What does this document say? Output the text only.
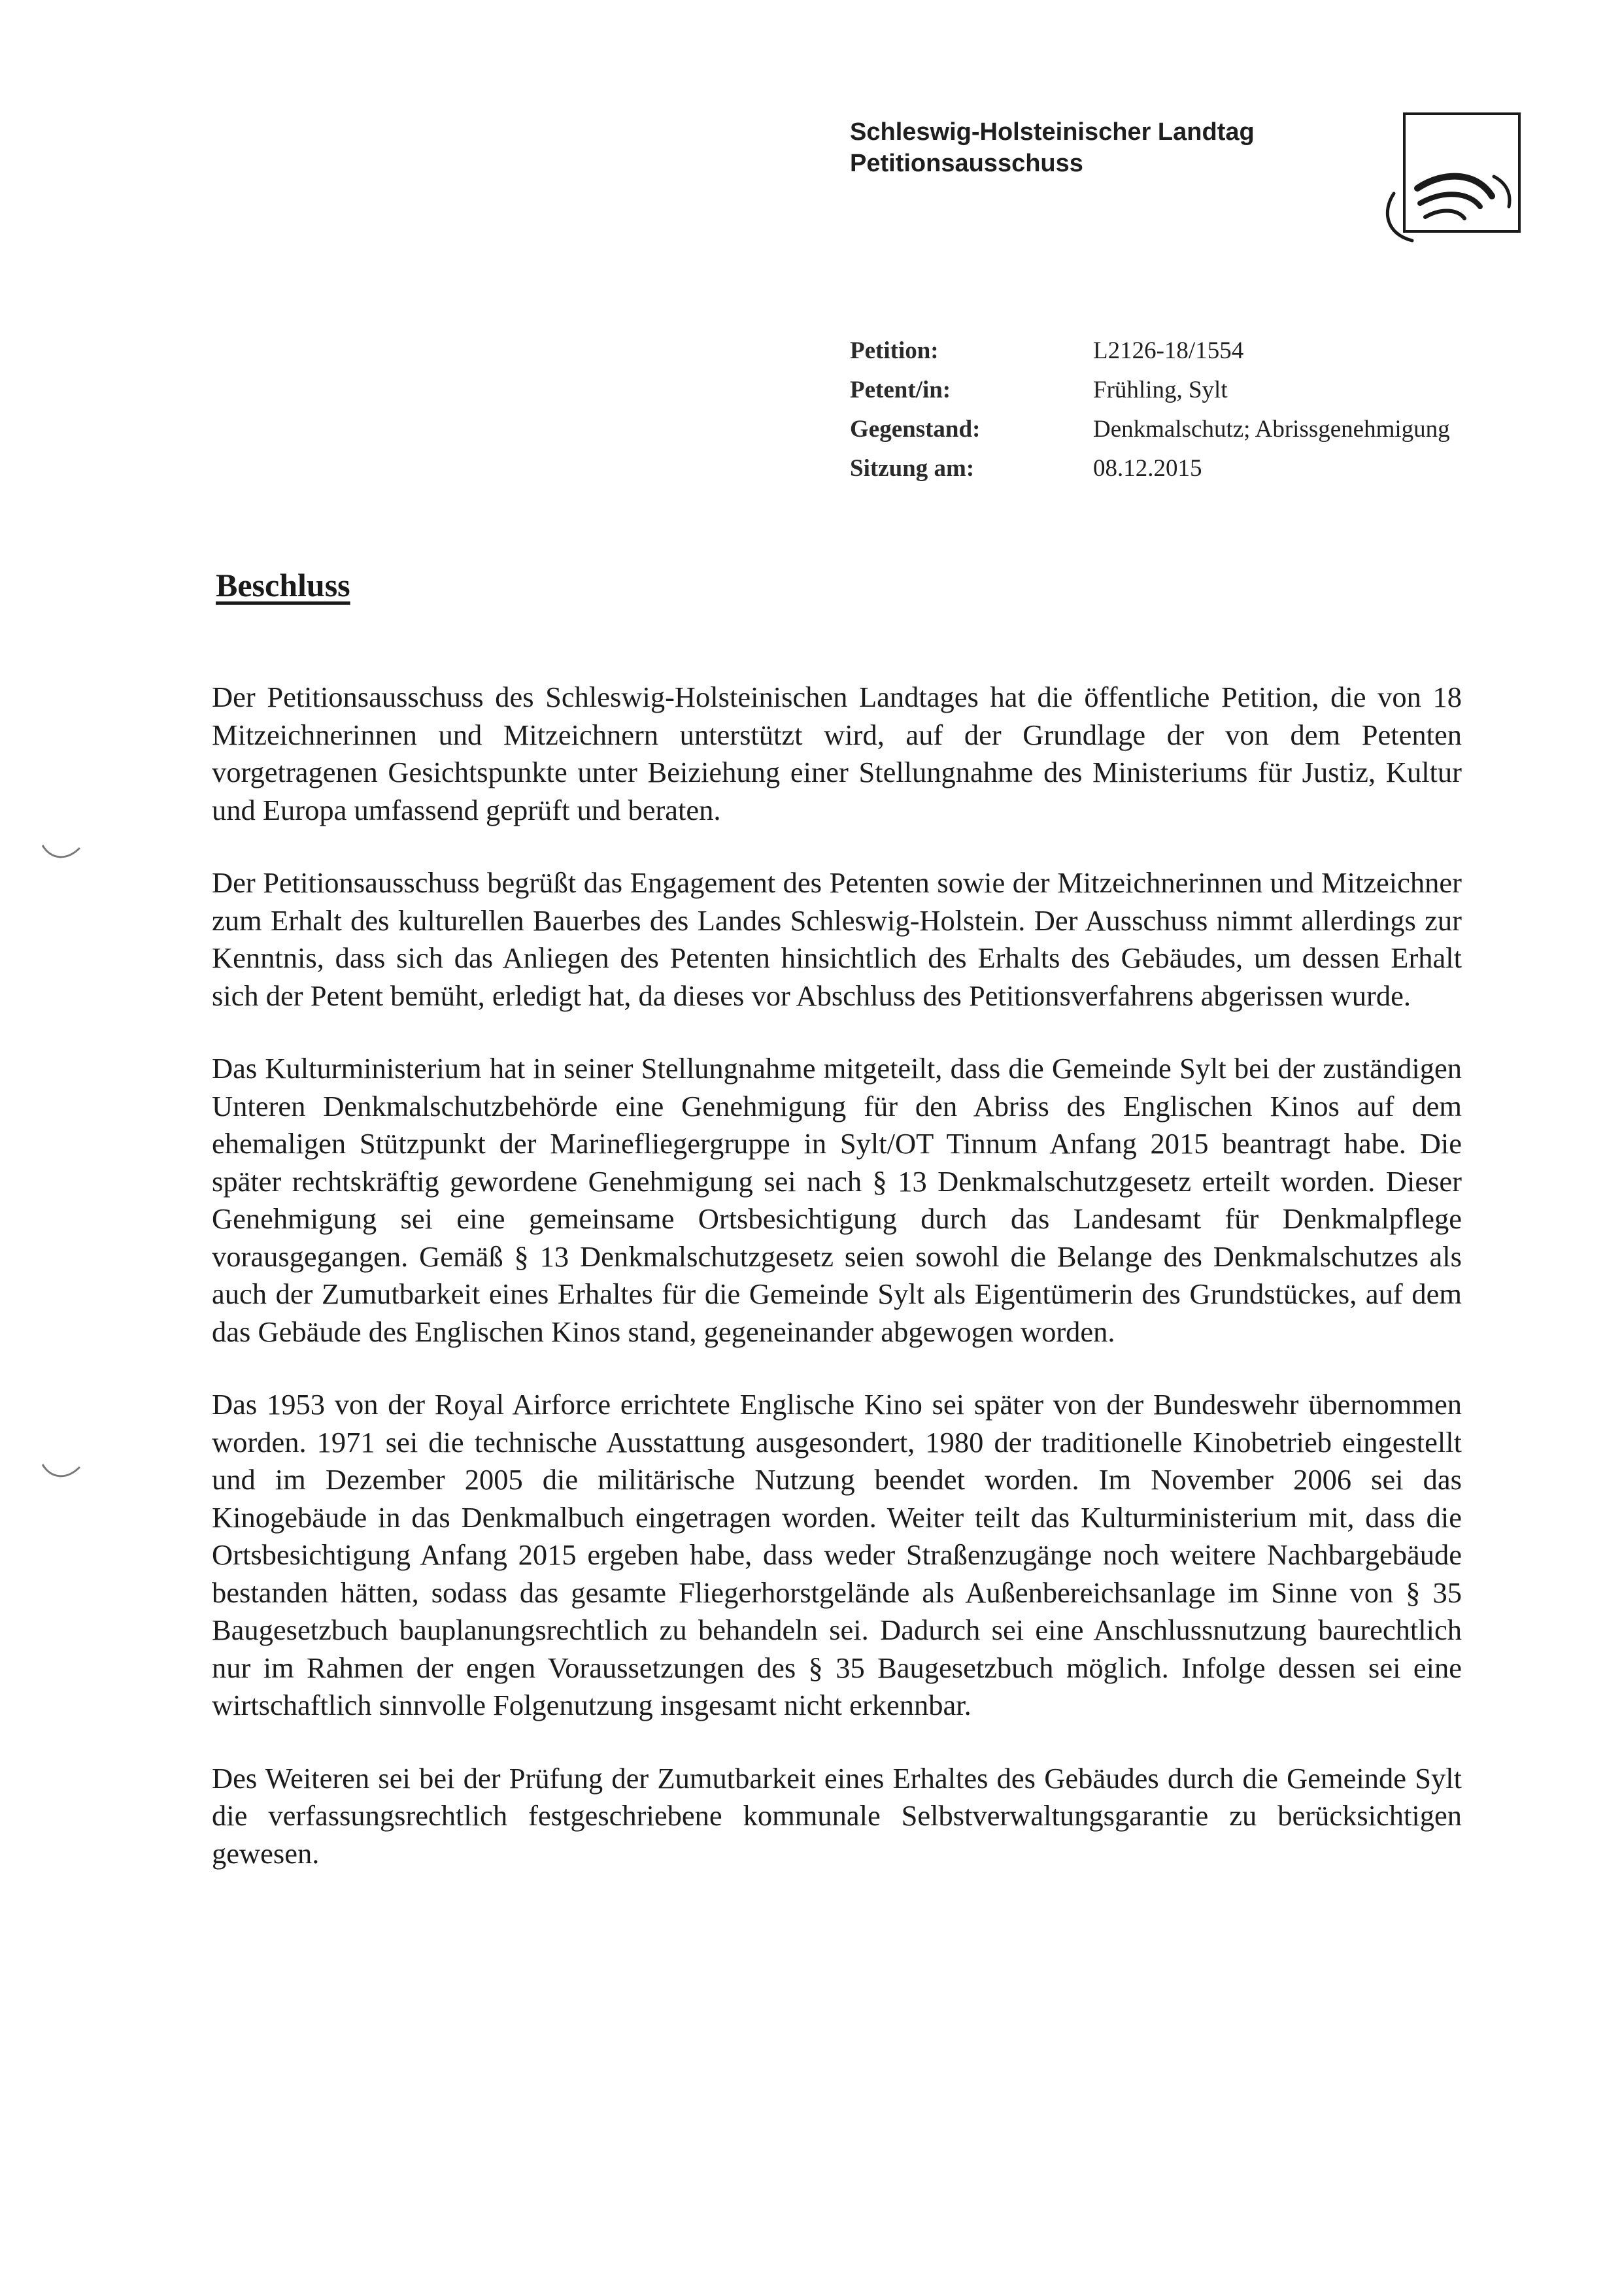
Schleswig-Holsteinischer Landtag
Petitionsausschuss
Petition:	L2126-18/1554
Petent/in:	Frühling, Sylt
Gegenstand:	Denkmalschutz; Abrissgenehmigung
Sitzung am:	08.12.2015
Beschluss

Der Petitionsausschuss des Schleswig-Holsteinischen Landtages hat die öffentliche Petition, die von 18 Mitzeichnerinnen und Mitzeichnern unterstützt wird, auf der Grundlage der von dem Petenten vorgetragenen Gesichtspunkte unter Beiziehung einer Stellungnahme des Ministeriums für Justiz, Kultur und Europa umfassend geprüft und beraten.

Der Petitionsausschuss begrüßt das Engagement des Petenten sowie der Mitzeichnerinnen und Mitzeichner zum Erhalt des kulturellen Bauerbes des Landes Schleswig-Holstein. Der Ausschuss nimmt allerdings zur Kenntnis, dass sich das Anliegen des Petenten hinsichtlich des Erhalts des Gebäudes, um dessen Erhalt sich der Petent bemüht, erledigt hat, da dieses vor Abschluss des Petitionsverfahrens abgerissen wurde.

Das Kulturministerium hat in seiner Stellungnahme mitgeteilt, dass die Gemeinde Sylt bei der zuständigen Unteren Denkmalschutzbehörde eine Genehmigung für den Abriss des Englischen Kinos auf dem ehemaligen Stützpunkt der Marinefliegergruppe in Sylt/OT Tinnum Anfang 2015 beantragt habe. Die später rechtskräftig gewordene Genehmigung sei nach § 13 Denkmalschutzgesetz erteilt worden. Dieser Genehmigung sei eine gemeinsame Ortsbesichtigung durch das Landesamt für Denkmalpflege vorausgegangen. Gemäß § 13 Denkmalschutzgesetz seien sowohl die Belange des Denkmalschutzes als auch der Zumutbarkeit eines Erhaltes für die Gemeinde Sylt als Eigentümerin des Grundstückes, auf dem das Gebäude des Englischen Kinos stand, gegeneinander abgewogen worden.

Das 1953 von der Royal Airforce errichtete Englische Kino sei später von der Bundeswehr übernommen worden. 1971 sei die technische Ausstattung ausgesondert, 1980 der traditionelle Kinobetrieb eingestellt und im Dezember 2005 die militärische Nutzung beendet worden. Im November 2006 sei das Kinogebäude in das Denkmalbuch eingetragen worden. Weiter teilt das Kulturministerium mit, dass die Ortsbesichtigung Anfang 2015 ergeben habe, dass weder Straßenzugänge noch weitere Nachbargebäude bestanden hätten, sodass das gesamte Fliegerhorstgelände als Außenbereichsanlage im Sinne von § 35 Baugesetzbuch bauplanungsrechtlich zu behandeln sei. Dadurch sei eine Anschlussnutzung baurechtlich nur im Rahmen der engen Voraussetzungen des § 35 Baugesetzbuch möglich. Infolge dessen sei eine wirtschaftlich sinnvolle Folgenutzung insgesamt nicht erkennbar.

Des Weiteren sei bei der Prüfung der Zumutbarkeit eines Erhaltes des Gebäudes durch die Gemeinde Sylt die verfassungsrechtlich festgeschriebene kommunale Selbstverwaltungsgarantie zu berücksichtigen gewesen.
